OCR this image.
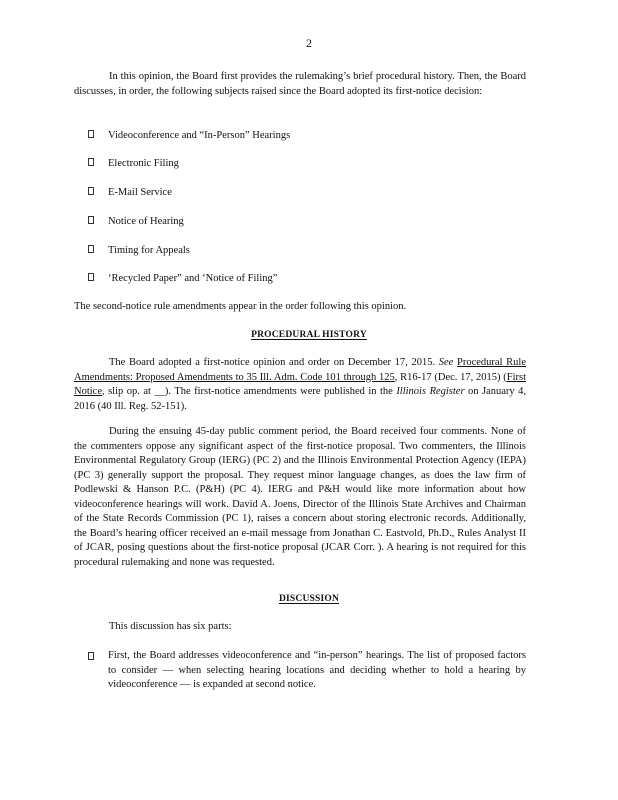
2
In this opinion, the Board first provides the rulemaking’s brief procedural history. Then, the Board discusses, in order, the following subjects raised since the Board adopted its first-notice decision:
Videoconference and “In-Person” Hearings
Electronic Filing
E-Mail Service
Notice of Hearing
Timing for Appeals
‘Recycled Paper” and ‘Notice of Filing”
The second-notice rule amendments appear in the order following this opinion.
PROCEDURAL HISTORY
The Board adopted a first-notice opinion and order on December 17, 2015. See Procedural Rule Amendments: Proposed Amendments to 35 Ill. Adm. Code 101 through 125, R16-17 (Dec. 17, 2015) (First Notice, slip op. at __). The first-notice amendments were published in the Illinois Register on January 4, 2016 (40 Ill. Reg. 52-151).
During the ensuing 45-day public comment period, the Board received four comments. None of the commenters oppose any significant aspect of the first-notice proposal. Two commenters, the Illinois Environmental Regulatory Group (IERG) (PC 2) and the Illinois Environmental Protection Agency (IEPA) (PC 3) generally support the proposal. They request minor language changes, as does the law firm of Podlewski & Hanson P.C. (P&H) (PC 4). IERG and P&H would like more information about how videoconference hearings will work. David A. Joens, Director of the Illinois State Archives and Chairman of the State Records Commission (PC 1), raises a concern about storing electronic records. Additionally, the Board’s hearing officer received an e-mail message from Jonathan C. Eastvold, Ph.D., Rules Analyst II of JCAR, posing questions about the first-notice proposal (JCAR Corr. ). A hearing is not required for this procedural rulemaking and none was requested.
DISCUSSION
This discussion has six parts:
First, the Board addresses videoconference and “in-person” hearings. The list of proposed factors to consider — when selecting hearing locations and deciding whether to hold a hearing by videoconference — is expanded at second notice.
